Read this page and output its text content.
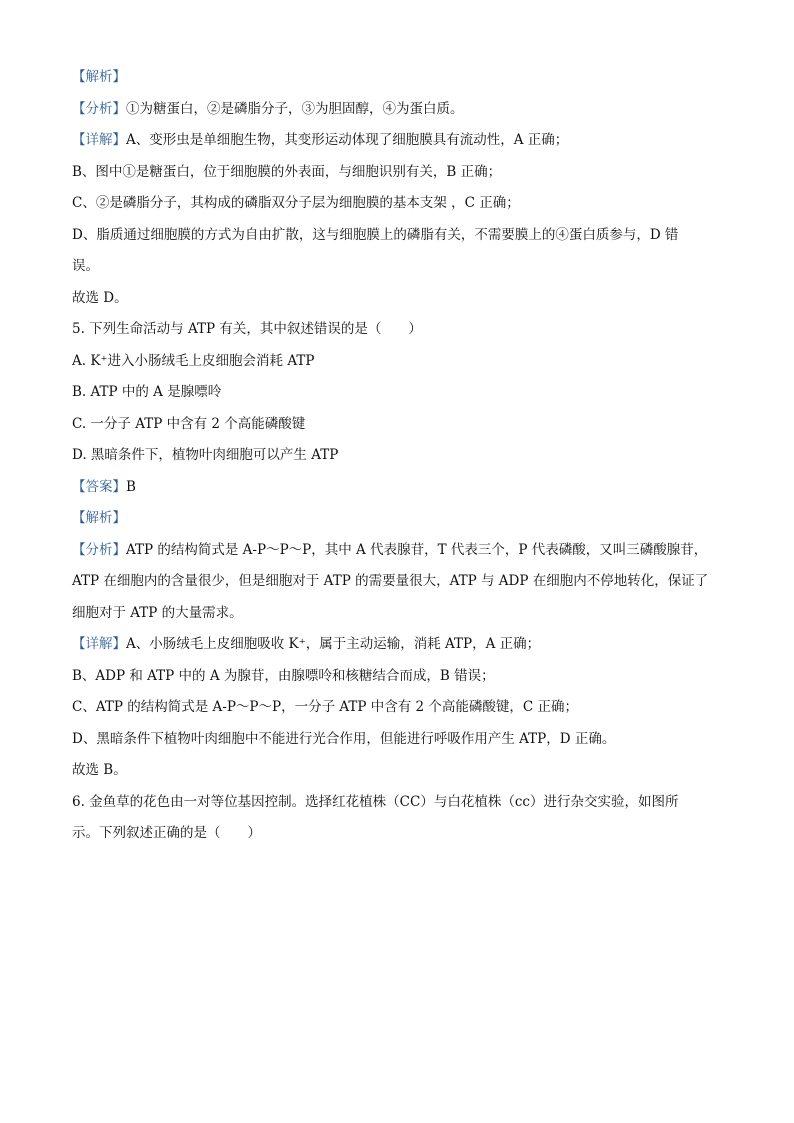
【解析】
【分析】①为糖蛋白，②是磷脂分子，③为胆固醇，④为蛋白质。
【详解】A、变形虫是单细胞生物，其变形运动体现了细胞膜具有流动性，A 正确；
B、图中①是糖蛋白，位于细胞膜的外表面，与细胞识别有关，B 正确；
C、②是磷脂分子，其构成的磷脂双分子层为细胞膜的基本支架 ，C 正确；
D、脂质通过细胞膜的方式为自由扩散，这与细胞膜上的磷脂有关，不需要膜上的④蛋白质参与，D 错
误。
故选 D。
5. 下列生命活动与 ATP 有关，其中叙述错误的是（　　）
A. K⁺进入小肠绒毛上皮细胞会消耗 ATP
B. ATP 中的 A 是腺嘌呤
C. 一分子 ATP 中含有 2 个高能磷酸键
D. 黑暗条件下，植物叶肉细胞可以产生 ATP
【答案】B
【解析】
【分析】ATP 的结构简式是 A-P～P～P，其中 A 代表腺苷，T 代表三个，P 代表磷酸，又叫三磷酸腺苷，
ATP 在细胞内的含量很少，但是细胞对于 ATP 的需要量很大，ATP 与 ADP 在细胞内不停地转化，保证了
细胞对于 ATP 的大量需求。
【详解】A、小肠绒毛上皮细胞吸收 K⁺，属于主动运输，消耗 ATP，A 正确；
B、ADP 和 ATP 中的 A 为腺苷，由腺嘌呤和核糖结合而成，B 错误；
C、ATP 的结构简式是 A-P～P～P，一分子 ATP 中含有 2 个高能磷酸键，C 正确；
D、黑暗条件下植物叶肉细胞中不能进行光合作用，但能进行呼吸作用产生 ATP，D 正确。
故选 B。
6. 金鱼草的花色由一对等位基因控制。选择红花植株（CC）与白花植株（cc）进行杂交实验，如图所
示。下列叙述正确的是（　　）
